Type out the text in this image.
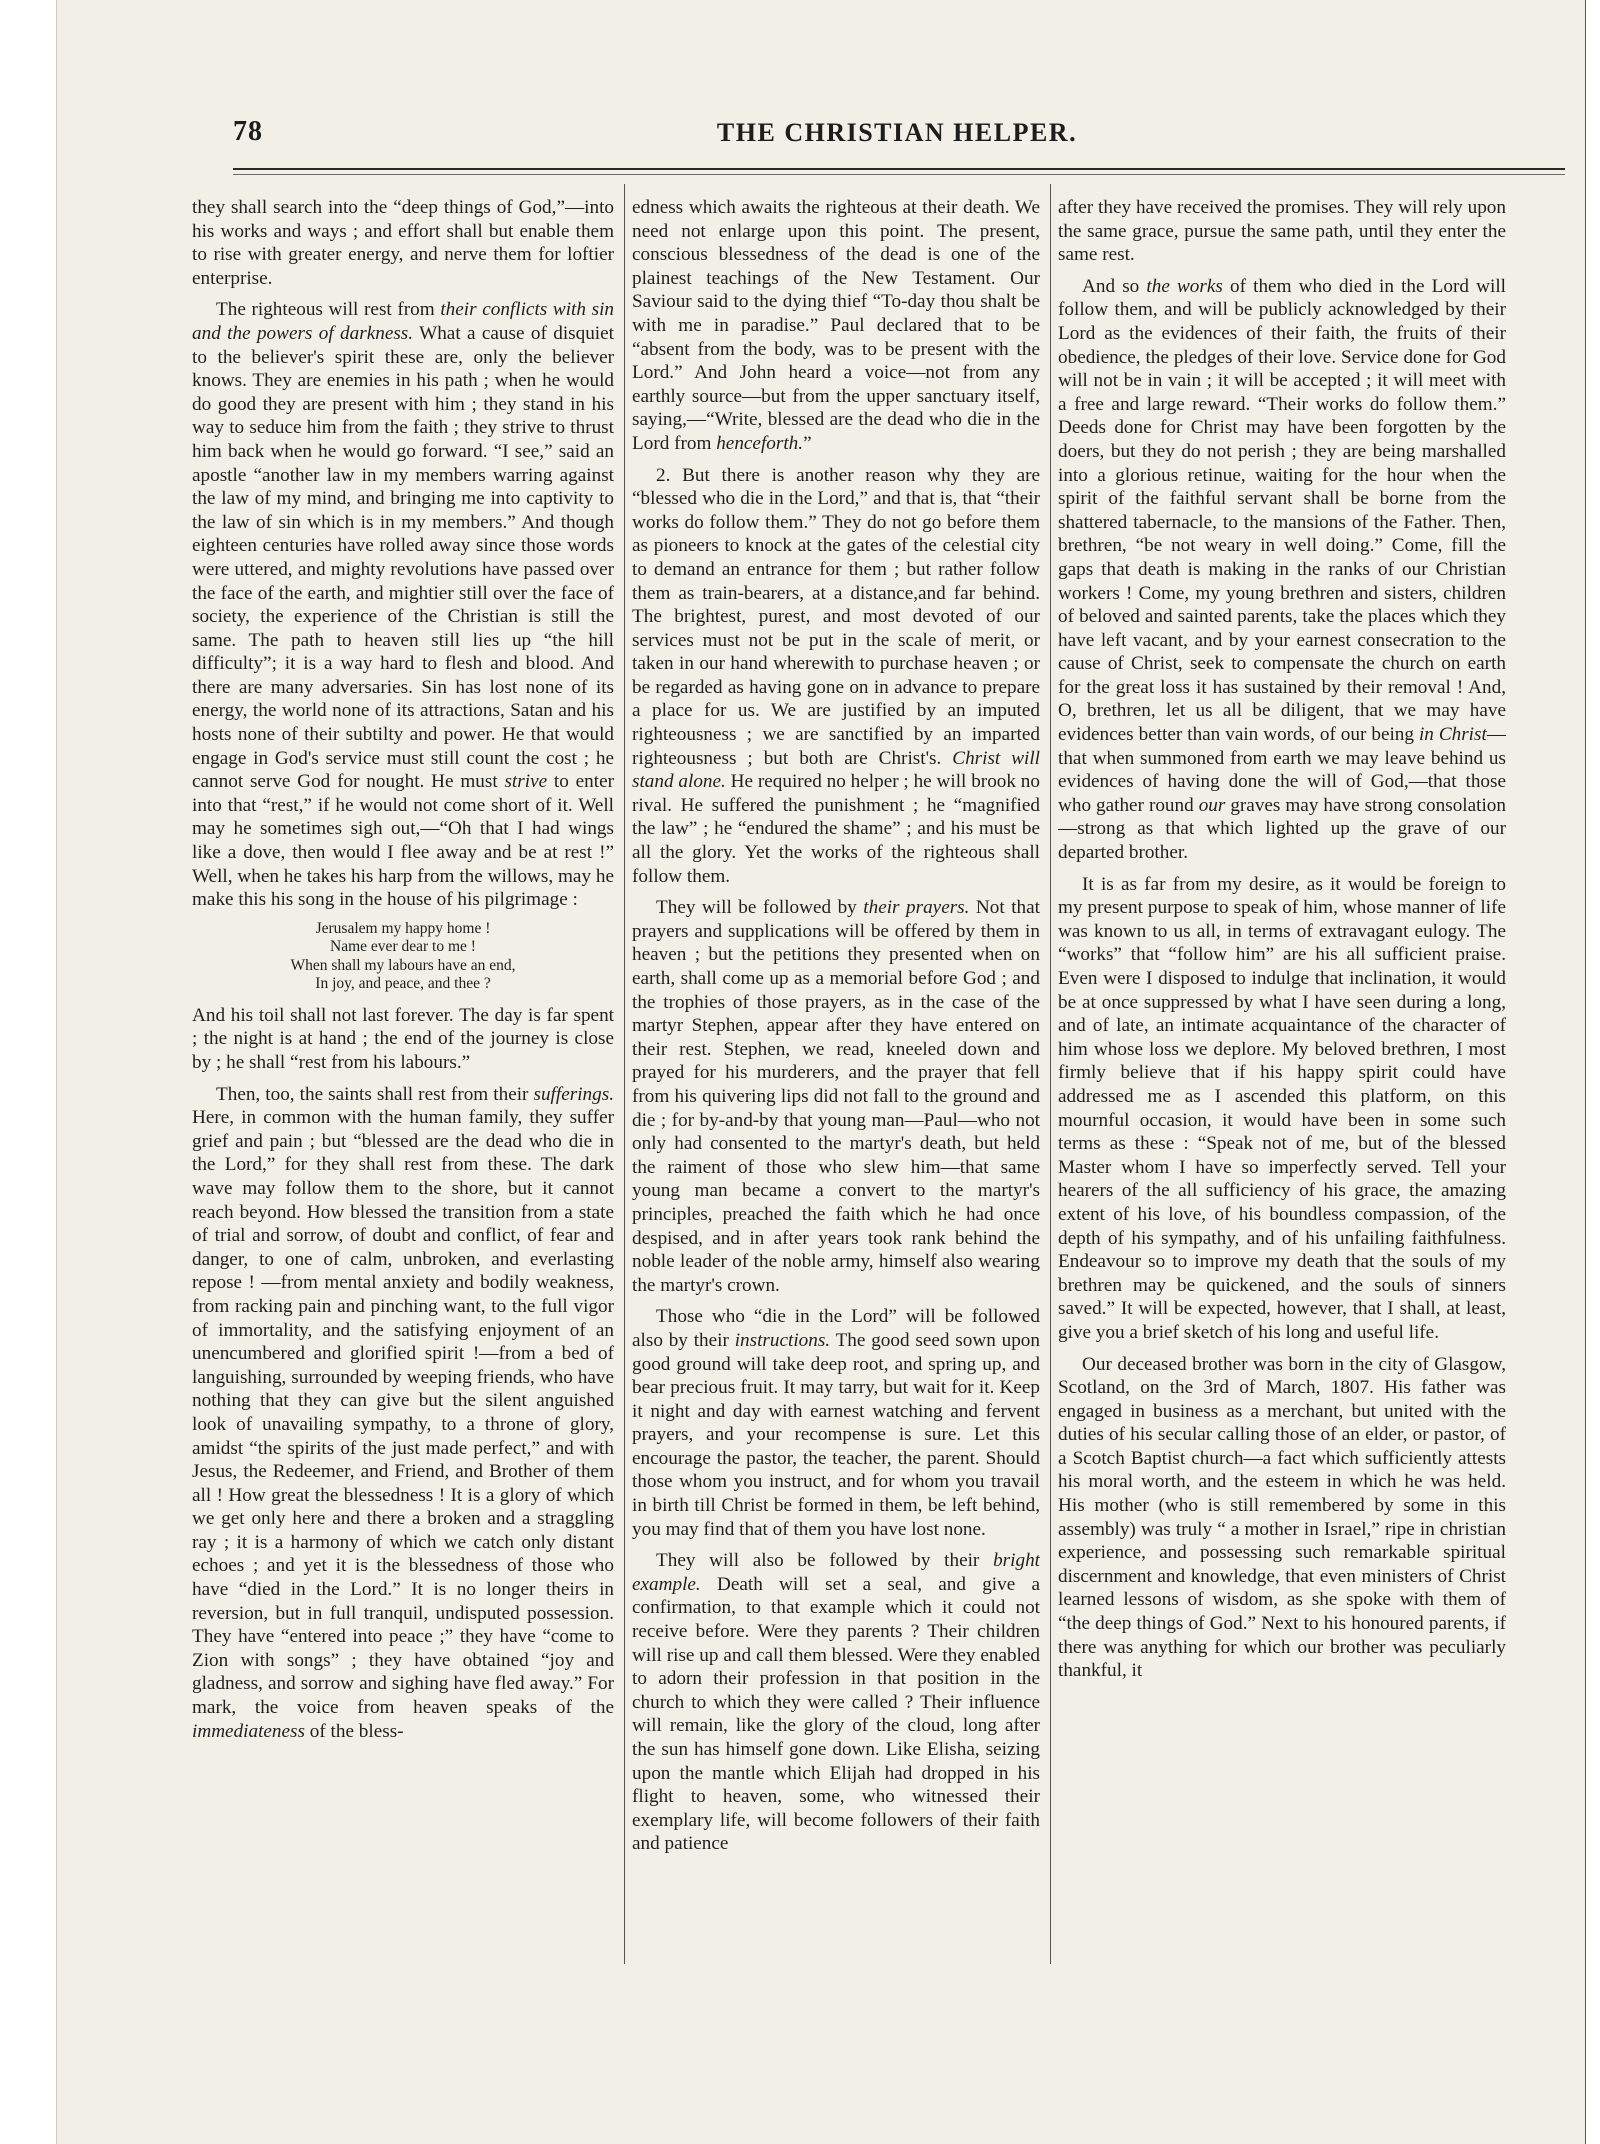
78	THE CHRISTIAN HELPER.

they shall search into the “deep things of God,”—into his works and ways ; and effort shall but enable them to rise with greater energy, and nerve them for loftier enterprise.

The righteous will rest from their conflicts with sin and the powers of darkness. What a cause of disquiet to the believer's spirit these are, only the believer knows. They are enemies in his path ; when he would do good they are present with him ; they stand in his way to seduce him from the faith ; they strive to thrust him back when he would go forward. “I see,” said an apostle “another law in my members warring against the law of my mind, and bringing me into captivity to the law of sin which is in my members.” And though eighteen centuries have rolled away since those words were uttered, and mighty revolutions have passed over the face of the earth, and mightier still over the face of society, the experience of the Christian is still the same. The path to heaven still lies up “the hill difficulty”; it is a way hard to flesh and blood. And there are many adversaries. Sin has lost none of its energy, the world none of its attractions, Satan and his hosts none of their subtilty and power. He that would engage in God's service must still count the cost ; he cannot serve God for nought. He must strive to enter into that “rest,” if he would not come short of it. Well may he sometimes sigh out,—“Oh that I had wings like a dove, then would I flee away and be at rest !” Well, when he takes his harp from the willows, may he make this his song in the house of his pilgrimage :

Jerusalem my happy home !
Name ever dear to me !
When shall my labours have an end,
In joy, and peace, and thee ?

And his toil shall not last forever. The day is far spent ; the night is at hand ; the end of the journey is close by ; he shall “rest from his labours.”

Then, too, the saints shall rest from their sufferings. Here, in common with the human family, they suffer grief and pain ; but “blessed are the dead who die in the Lord,” for they shall rest from these. The dark wave may follow them to the shore, but it cannot reach beyond. How blessed the transition from a state of trial and sorrow, of doubt and conflict, of fear and danger, to one of calm, unbroken, and everlasting repose ! —from mental anxiety and bodily weakness, from racking pain and pinching want, to the full vigor of immortality, and the satisfying enjoyment of an unencumbered and glorified spirit !—from a bed of languishing, surrounded by weeping friends, who have nothing that they can give but the silent anguished look of unavailing sympathy, to a throne of glory, amidst “the spirits of the just made perfect,” and with Jesus, the Redeemer, and Friend, and Brother of them all ! How great the blessedness ! It is a glory of which we get only here and there a broken and a straggling ray ; it is a harmony of which we catch only distant echoes ; and yet it is the blessedness of those who have “died in the Lord.” It is no longer theirs in reversion, but in full tranquil, undisputed possession. They have “entered into peace ;” they have “come to Zion with songs” ; they have obtained “joy and gladness, and sorrow and sighing have fled away.” For mark, the voice from heaven speaks of the immediateness of the bless-

edness which awaits the righteous at their death. We need not enlarge upon this point. The present, conscious blessedness of the dead is one of the plainest teachings of the New Testament. Our Saviour said to the dying thief “To-day thou shalt be with me in paradise.” Paul declared that to be “absent from the body, was to be present with the Lord.” And John heard a voice—not from any earthly source—but from the upper sanctuary itself, saying,—“Write, blessed are the dead who die in the Lord from henceforth.”

2. But there is another reason why they are “blessed who die in the Lord,” and that is, that “their works do follow them.” They do not go before them as pioneers to knock at the gates of the celestial city to demand an entrance for them ; but rather follow them as train-bearers, at a distance,and far behind. The brightest, purest, and most devoted of our services must not be put in the scale of merit, or taken in our hand wherewith to purchase heaven ; or be regarded as having gone on in advance to prepare a place for us. We are justified by an imputed righteousness ; we are sanctified by an imparted righteousness ; but both are Christ's. Christ will stand alone. He required no helper ; he will brook no rival. He suffered the punishment ; he “magnified the law” ; he “endured the shame” ; and his must be all the glory. Yet the works of the righteous shall follow them.

They will be followed by their prayers. Not that prayers and supplications will be offered by them in heaven ; but the petitions they presented when on earth, shall come up as a memorial before God ; and the trophies of those prayers, as in the case of the martyr Stephen, appear after they have entered on their rest. Stephen, we read, kneeled down and prayed for his murderers, and the prayer that fell from his quivering lips did not fall to the ground and die ; for by-and-by that young man—Paul—who not only had consented to the martyr's death, but held the raiment of those who slew him—that same young man became a convert to the martyr's principles, preached the faith which he had once despised, and in after years took rank behind the noble leader of the noble army, himself also wearing the martyr's crown.

Those who “die in the Lord” will be followed also by their instructions. The good seed sown upon good ground will take deep root, and spring up, and bear precious fruit. It may tarry, but wait for it. Keep it night and day with earnest watching and fervent prayers, and your recompense is sure. Let this encourage the pastor, the teacher, the parent. Should those whom you instruct, and for whom you travail in birth till Christ be formed in them, be left behind, you may find that of them you have lost none.

They will also be followed by their bright example. Death will set a seal, and give a confirmation, to that example which it could not receive before. Were they parents ? Their children will rise up and call them blessed. Were they enabled to adorn their profession in that position in the church to which they were called ? Their influence will remain, like the glory of the cloud, long after the sun has himself gone down. Like Elisha, seizing upon the mantle which Elijah had dropped in his flight to heaven, some, who witnessed their exemplary life, will become followers of their faith and patience

after they have received the promises. They will rely upon the same grace, pursue the same path, until they enter the same rest.

And so the works of them who died in the Lord will follow them, and will be publicly acknowledged by their Lord as the evidences of their faith, the fruits of their obedience, the pledges of their love. Service done for God will not be in vain ; it will be accepted ; it will meet with a free and large reward. “Their works do follow them.” Deeds done for Christ may have been forgotten by the doers, but they do not perish ; they are being marshalled into a glorious retinue, waiting for the hour when the spirit of the faithful servant shall be borne from the shattered tabernacle, to the mansions of the Father. Then, brethren, “be not weary in well doing.” Come, fill the gaps that death is making in the ranks of our Christian workers ! Come, my young brethren and sisters, children of beloved and sainted parents, take the places which they have left vacant, and by your earnest consecration to the cause of Christ, seek to compensate the church on earth for the great loss it has sustained by their removal ! And, O, brethren, let us all be diligent, that we may have evidences better than vain words, of our being in Christ—that when summoned from earth we may leave behind us evidences of having done the will of God,—that those who gather round our graves may have strong consolation—strong as that which lighted up the grave of our departed brother.

It is as far from my desire, as it would be foreign to my present purpose to speak of him, whose manner of life was known to us all, in terms of extravagant eulogy. The “works” that “follow him” are his all sufficient praise. Even were I disposed to indulge that inclination, it would be at once suppressed by what I have seen during a long, and of late, an intimate acquaintance of the character of him whose loss we deplore. My beloved brethren, I most firmly believe that if his happy spirit could have addressed me as I ascended this platform, on this mournful occasion, it would have been in some such terms as these : “Speak not of me, but of the blessed Master whom I have so imperfectly served. Tell your hearers of the all sufficiency of his grace, the amazing extent of his love, of his boundless compassion, of the depth of his sympathy, and of his unfailing faithfulness. Endeavour so to improve my death that the souls of my brethren may be quickened, and the souls of sinners saved.” It will be expected, however, that I shall, at least, give you a brief sketch of his long and useful life.

Our deceased brother was born in the city of Glasgow, Scotland, on the 3rd of March, 1807. His father was engaged in business as a merchant, but united with the duties of his secular calling those of an elder, or pastor, of a Scotch Baptist church—a fact which sufficiently attests his moral worth, and the esteem in which he was held. His mother (who is still remembered by some in this assembly) was truly “ a mother in Israel,” ripe in christian experience, and possessing such remarkable spiritual discernment and knowledge, that even ministers of Christ learned lessons of wisdom, as she spoke with them of “the deep things of God.” Next to his honoured parents, if there was anything for which our brother was peculiarly thankful, it
